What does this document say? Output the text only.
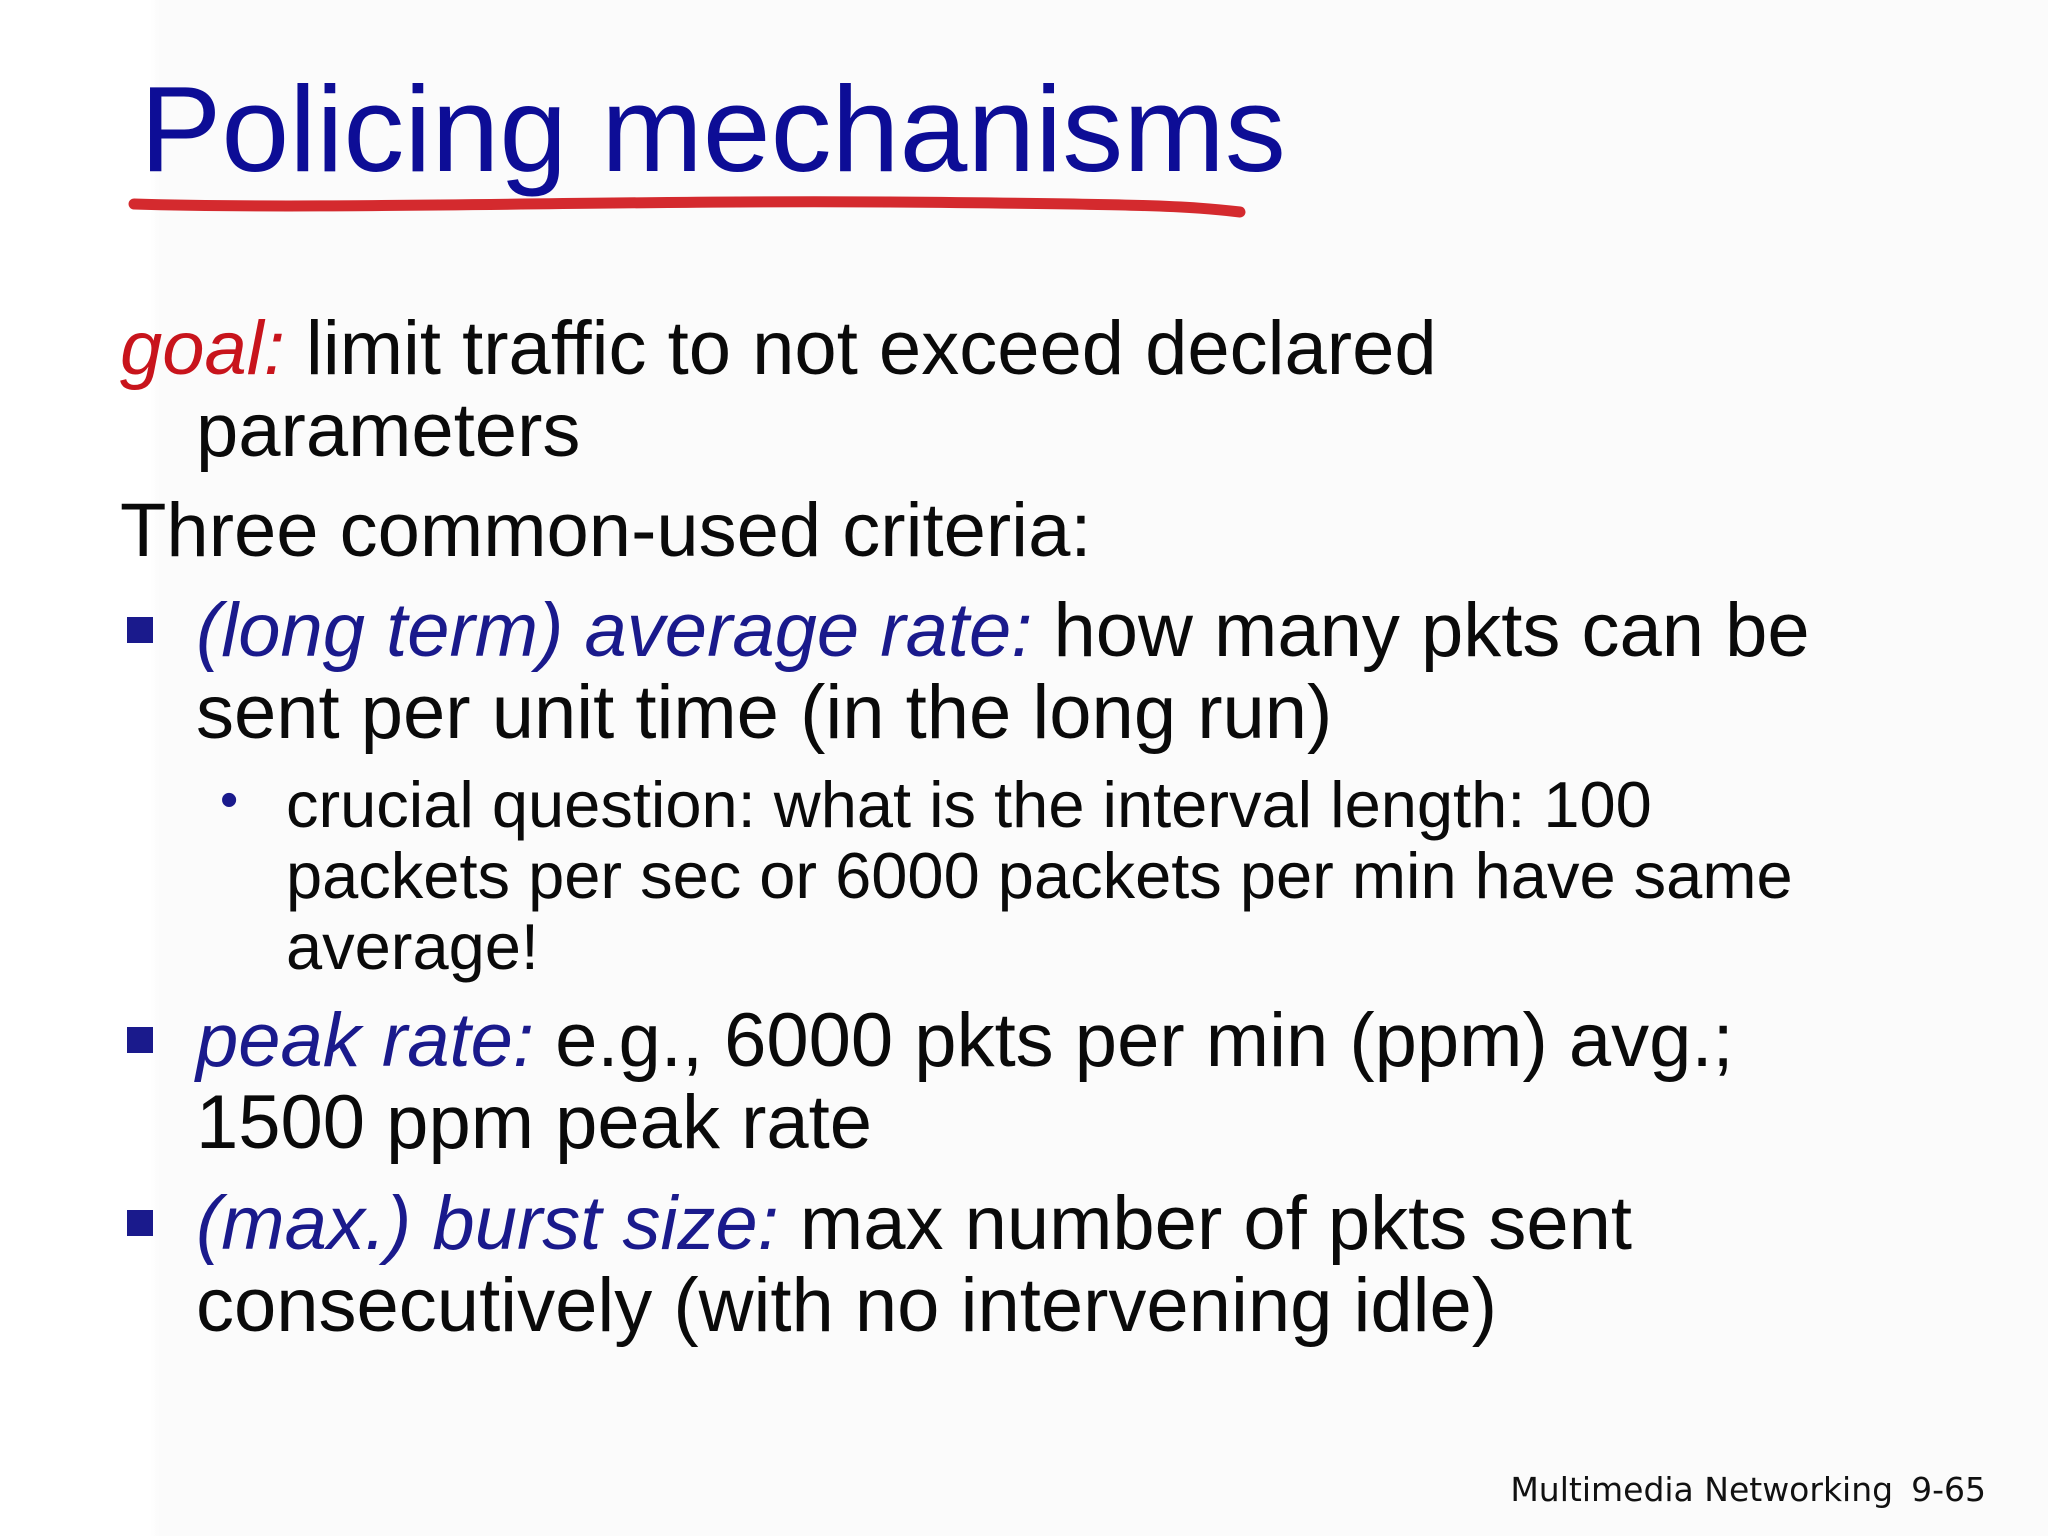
Policing mechanisms
goal: limit traffic to not exceed declared
parameters
Three common-used criteria:
(long term) average rate: how many pkts can be
sent per unit time (in the long run)
• crucial question: what is the interval length: 100
packets per sec or 6000 packets per min have same
average!
peak rate: e.g., 6000 pkts per min (ppm) avg.;
1500 ppm peak rate
(max.) burst size: max number of pkts sent
consecutively (with no intervening idle)
Multimedia Networking 9-65
